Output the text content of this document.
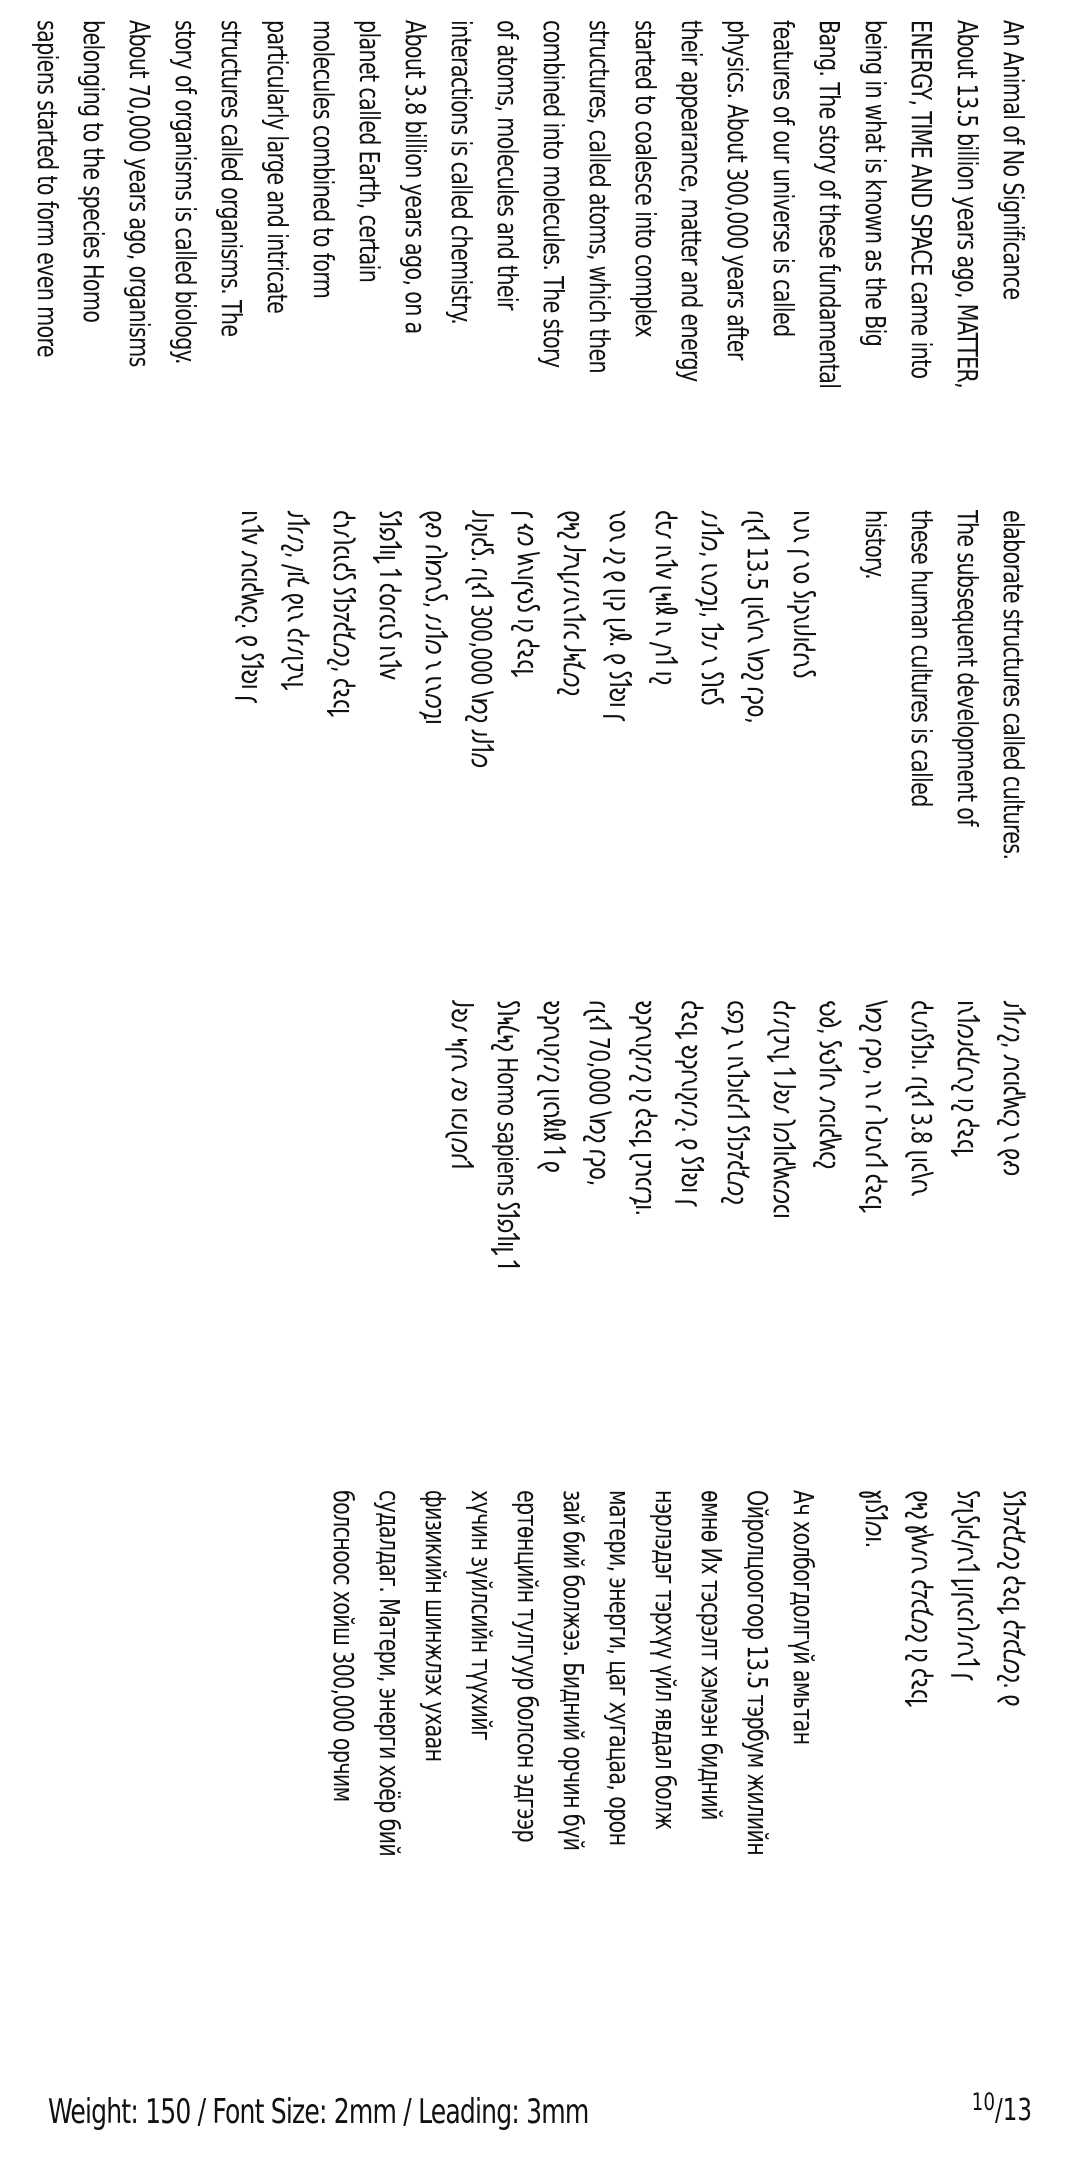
An Animal of No Significance
About 13.5 billion years ago, MATTER,
ENERGY, TIME AND SPACE came into
being in what is known as the Big
Bang. The story of these fundamental
features of our universe is called
physics. About 300,000 years after
their appearance, matter and energy
started to coalesce into complex
structures, called atoms, which then
combined into molecules. The story
of atoms, molecules and their
interactions is called chemistry.
About 3.8 billion years ago, on a
planet called Earth, certain
molecules combined to form
particularly large and intricate
structures called organisms. The
story of organisms is called biology.
About 70,000 years ago, organisms
belonging to the species Homo
sapiens started to form even more

elaborate structures called cultures.
The subsequent development of
these human cultures is called
history.

𐑦𐑯𐑨𐑯 𐑝 𐑯𐑴 𐑕𐑦𐑜𐑯𐑦𐑓𐑦𐑒𐑩𐑯𐑕
𐑩𐑚𐑬𐑑 13.5 𐑚𐑦𐑤𐑘𐑩𐑯 𐑘𐑽𐑟 𐑩𐑜𐑴,
𐑥𐑨𐑑𐑼, 𐑧𐑯𐑼𐑡𐑦, 𐑑𐑲𐑥 𐑯 𐑕𐑐𐑱𐑕
𐑒𐑱𐑥 𐑦𐑯𐑑𐑫 𐑚𐑰𐑦𐑙 𐑦𐑯 𐑢𐑪𐑑 𐑦𐑟
𐑯𐑴𐑯 𐑨𐑟 𐑞 𐑚𐑦𐑜 𐑚𐑨𐑙. 𐑞 𐑕𐑑𐑹𐑦 𐑝
𐑞𐑰𐑟 𐑓𐑳𐑯𐑛𐑩𐑥𐑧𐑯𐑑𐑩𐑤 𐑓𐑰𐑗𐑼𐑟
𐑝 𐑬𐑼 𐑿𐑯𐑦𐑝𐑻𐑕 𐑦𐑟 𐑒𐑷𐑤𐑛
𐑓𐑦𐑟𐑦𐑒𐑕. 𐑩𐑚𐑬𐑑 300,000 𐑘𐑽𐑟 𐑨𐑓𐑑𐑼
𐑞𐑺 𐑩𐑐𐑽𐑩𐑯𐑕, 𐑥𐑨𐑑𐑼 𐑯 𐑧𐑯𐑼𐑡𐑦
𐑕𐑑𐑸𐑑𐑦𐑛 𐑑 𐑒𐑴𐑩𐑤𐑧𐑕 𐑦𐑯𐑑𐑫
𐑒𐑪𐑥𐑐𐑤𐑧𐑒𐑕 𐑕𐑑𐑮𐑳𐑒𐑗𐑼𐑟, 𐑒𐑷𐑤𐑛
𐑨𐑑𐑩𐑥𐑟, 𐑢𐑦𐑗 𐑞𐑧𐑯 𐑒𐑩𐑥𐑚𐑲𐑯𐑛
𐑦𐑯𐑑𐑫 𐑥𐑪𐑤𐑦𐑒𐑿𐑤𐑟. 𐑞 𐑕𐑑𐑹𐑦 𐑝

𐑨𐑑𐑩𐑥𐑟, 𐑥𐑪𐑤𐑦𐑒𐑿𐑤𐑟 𐑯 𐑞𐑺
𐑦𐑯𐑑𐑼𐑨𐑒𐑖𐑩𐑯𐑟 𐑦𐑟 𐑒𐑷𐑤𐑛
𐑒𐑧𐑥𐑦𐑕𐑑𐑮𐑦. 𐑩𐑚𐑬𐑑 3.8 𐑚𐑦𐑤𐑘𐑩𐑯
𐑘𐑽𐑟 𐑩𐑜𐑴, 𐑪𐑯 𐑩 𐑐𐑤𐑨𐑯𐑩𐑑 𐑒𐑷𐑤𐑛
𐑻𐑔, 𐑕𐑻𐑑𐑩𐑯 𐑥𐑪𐑤𐑦𐑒𐑿𐑤𐑟
𐑒𐑩𐑥𐑚𐑲𐑯𐑛 𐑑 𐑓𐑹𐑥 𐑐𐑼𐑑𐑦𐑒𐑿𐑤𐑼𐑤𐑦
𐑤𐑸𐑡 𐑯 𐑦𐑯𐑑𐑮𐑦𐑒𐑩𐑑 𐑕𐑑𐑮𐑳𐑒𐑗𐑼𐑟
𐑒𐑷𐑤𐑛 𐑹𐑜𐑩𐑯𐑦𐑟𐑩𐑥𐑟. 𐑞 𐑕𐑑𐑹𐑦 𐑝
𐑹𐑜𐑩𐑯𐑦𐑟𐑩𐑥𐑟 𐑦𐑟 𐑒𐑷𐑤𐑛 𐑚𐑲𐑪𐑤𐑩𐑡𐑦.
𐑩𐑚𐑬𐑑 70,000 𐑘𐑽𐑟 𐑩𐑜𐑴,
𐑹𐑜𐑩𐑯𐑦𐑟𐑩𐑥𐑟 𐑚𐑦𐑤𐑪𐑙𐑦𐑙 𐑑 𐑞
𐑕𐑐𐑰𐑖𐑰𐑟 Homo sapiens 𐑕𐑑𐑸𐑑𐑦𐑛 𐑑
𐑓𐑹𐑥 𐑰𐑝𐑩𐑯 𐑥𐑹 𐑦𐑤𐑨𐑚𐑼𐑩𐑑

𐑕𐑑𐑮𐑳𐑒𐑗𐑼𐑟 𐑒𐑷𐑤𐑛 𐑒𐑳𐑤𐑗𐑼𐑟. 𐑞
𐑕𐑳𐑚𐑕𐑦𐑒𐑢𐑩𐑯𐑑 𐑛𐑦𐑝𐑧𐑤𐑩𐑐𐑥𐑩𐑯𐑑 𐑝
𐑞𐑰𐑟 𐑣𐑿𐑥𐑩𐑯 𐑒𐑳𐑤𐑗𐑼𐑟 𐑦𐑟 𐑒𐑷𐑤𐑛
𐑣𐑦𐑕𐑑𐑼𐑦.

Ач холбогдолгүй амьтан
Ойролцоогоор 13.5 тэрбум жилийн
өмнө Их тэсрэлт хэмээн бидний
нэрлэдэг тэрхүү үйл явдал болж
матери, энерги, цаг хугацаа, орон
зай бий болжээ. Бидний орчин бүй
ертөнцийн тулгуур болсон эдгээр
хүчин зүйлсийн түүхийг
физикийн шинжлэх ухаан
судалдаг. Матери, энерги хоёр бий
болсноос хойш 300,000 орчим

Weight: 150 / Font Size: 2mm / Leading: 3mm	$^{10}$/13
